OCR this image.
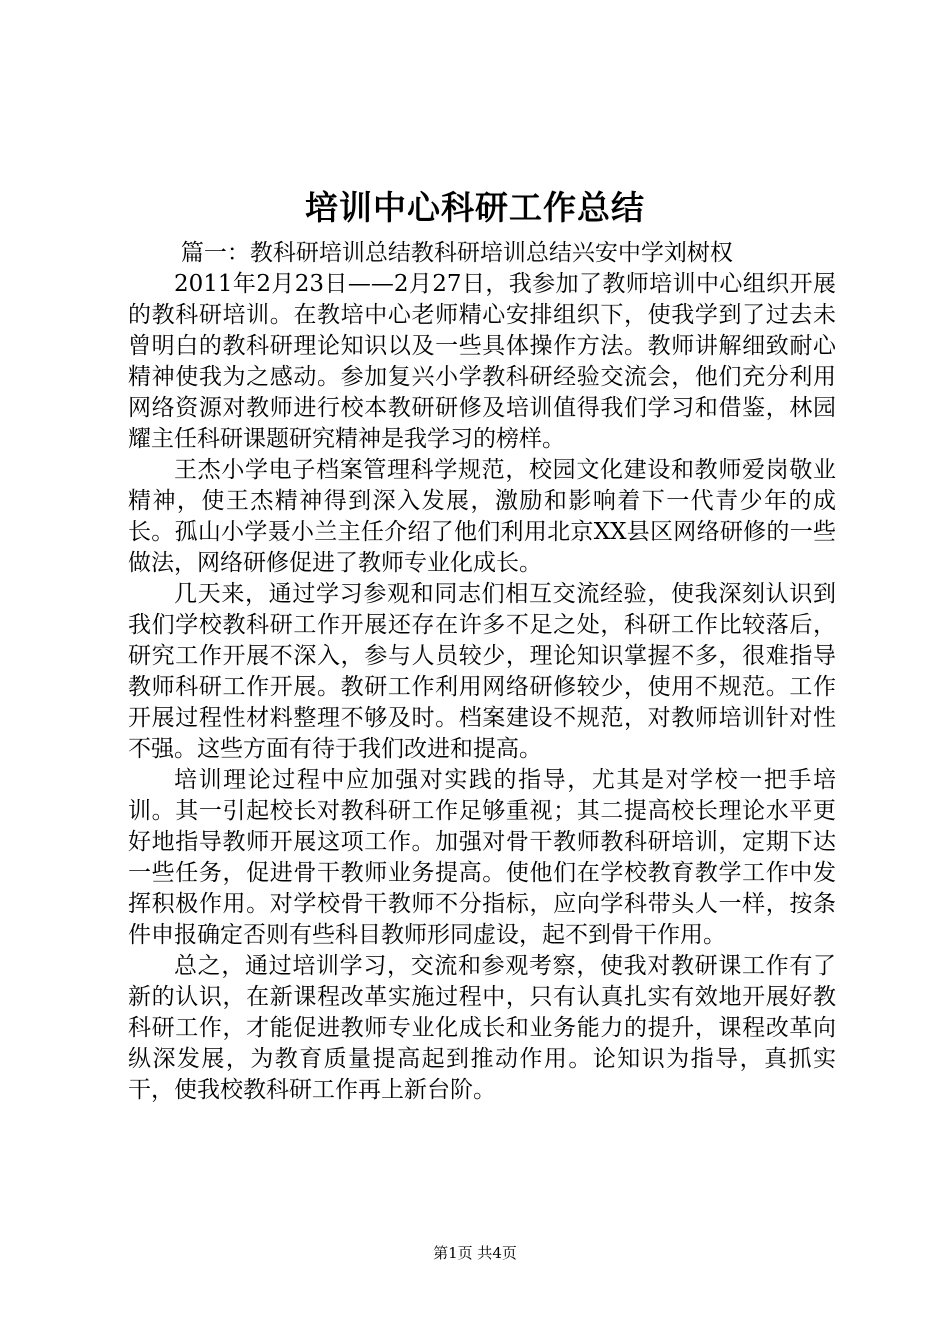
培训中心科研工作总结

篇一：教科研培训总结教科研培训总结兴安中学刘树权

2011年2月23日——2月27日，我参加了教师培训中心组织开展的教科研培训。在教培中心老师精心安排组织下，使我学到了过去未曾明白的教科研理论知识以及一些具体操作方法。教师讲解细致耐心精神使我为之感动。参加复兴小学教科研经验交流会，他们充分利用网络资源对教师进行校本教研研修及培训值得我们学习和借鉴，林园耀主任科研课题研究精神是我学习的榜样。

王杰小学电子档案管理科学规范，校园文化建设和教师爱岗敬业精神，使王杰精神得到深入发展，激励和影响着下一代青少年的成长。孤山小学聂小兰主任介绍了他们利用北京XX县区网络研修的一些做法，网络研修促进了教师专业化成长。

几天来，通过学习参观和同志们相互交流经验，使我深刻认识到我们学校教科研工作开展还存在许多不足之处，科研工作比较落后，研究工作开展不深入，参与人员较少，理论知识掌握不多，很难指导教师科研工作开展。教研工作利用网络研修较少，使用不规范。工作开展过程性材料整理不够及时。档案建设不规范，对教师培训针对性不强。这些方面有待于我们改进和提高。

培训理论过程中应加强对实践的指导，尤其是对学校一把手培训。其一引起校长对教科研工作足够重视；其二提高校长理论水平更好地指导教师开展这项工作。加强对骨干教师教科研培训，定期下达一些任务，促进骨干教师业务提高。使他们在学校教育教学工作中发挥积极作用。对学校骨干教师不分指标，应向学科带头人一样，按条件申报确定否则有些科目教师形同虚设，起不到骨干作用。

总之，通过培训学习，交流和参观考察，使我对教研课工作有了新的认识，在新课程改革实施过程中，只有认真扎实有效地开展好教科研工作，才能促进教师专业化成长和业务能力的提升，课程改革向纵深发展，为教育质量提高起到推动作用。论知识为指导，真抓实干，使我校教科研工作再上新台阶。

第1页 共4页
